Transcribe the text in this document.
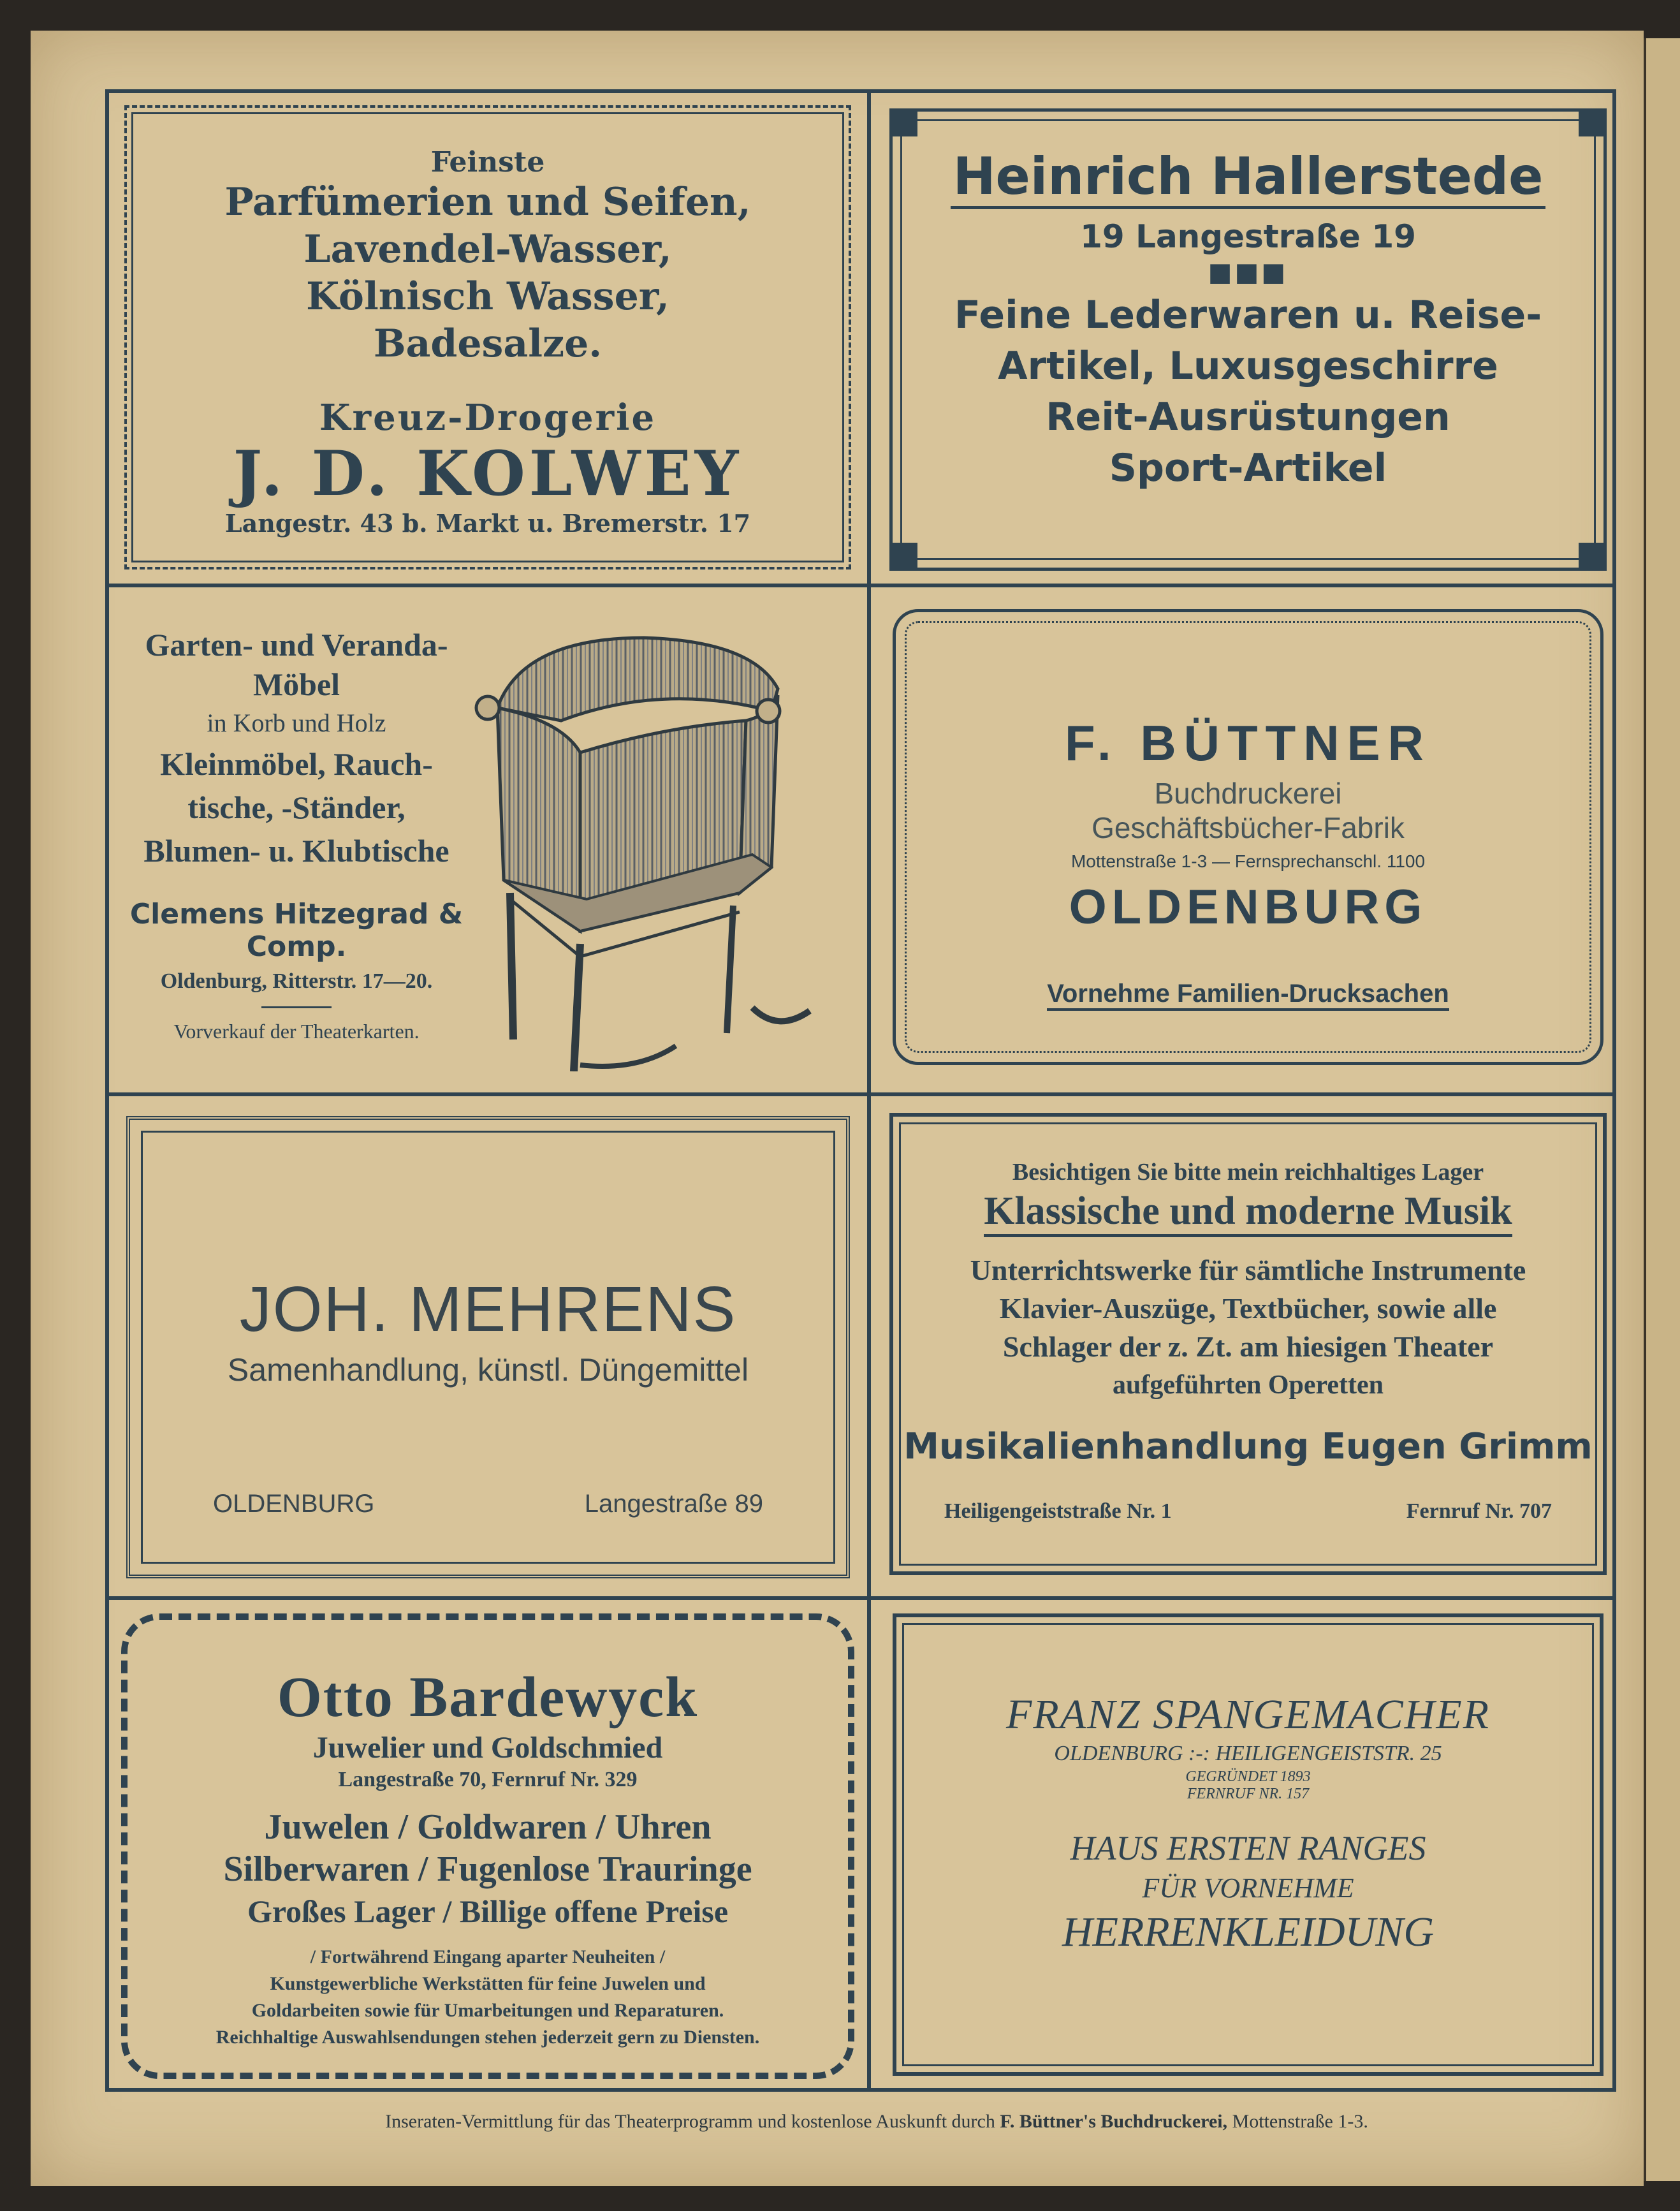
Feinste
Parfümerien und Seifen,
Lavendel-Wasser,
Kölnisch Wasser,
Badesalze.
Kreuz-Drogerie
J. D. KOLWEY
Langestr. 43 b. Markt u. Bremerstr. 17
Heinrich Hallerstede
19 Langestraße 19
■■■
Feine Lederwaren u. Reise-
Artikel, Luxusgeschirre
Reit-Ausrüstungen
Sport-Artikel
Garten- und Veranda-
Möbel
in Korb und Holz
Kleinmöbel, Rauch-
tische, -Ständer,
Blumen- u. Klubtische
Clemens Hitzegrad & Comp.
Oldenburg, Ritterstr. 17—20.
Vorverkauf der Theaterkarten.
F. BÜTTNER
Buchdruckerei
Geschäftsbücher-Fabrik
Mottenstraße 1-3 — Fernsprechanschl. 1100
OLDENBURG
Vornehme Familien-Drucksachen
JOH. MEHRENS
Samenhandlung, künstl. Düngemittel
OLDENBURG	Langestraße 89
Besichtigen Sie bitte mein reichhaltiges Lager
Klassische und moderne Musik
Unterrichtswerke für sämtliche Instrumente
Klavier-Auszüge, Textbücher, sowie alle
Schlager der z. Zt. am hiesigen Theater
aufgeführten Operetten
Musikalienhandlung Eugen Grimm
Heiligengeiststraße Nr. 1	Fernruf Nr. 707
Otto Bardewyck
Juwelier und Goldschmied
Langestraße 70, Fernruf Nr. 329
Juwelen / Goldwaren / Uhren
Silberwaren / Fugenlose Trauringe
Großes Lager / Billige offene Preise
/ Fortwährend Eingang aparter Neuheiten /
Kunstgewerbliche Werkstätten für feine Juwelen und
Goldarbeiten sowie für Umarbeitungen und Reparaturen.
Reichhaltige Auswahlsendungen stehen jederzeit gern zu Diensten.
FRANZ SPANGEMACHER
OLDENBURG :-: HEILIGENGEISTSTR. 25
GEGRÜNDET 1893
FERNRUF NR. 157
HAUS ERSTEN RANGES
FÜR VORNEHME
HERRENKLEIDUNG
Inseraten-Vermittlung für das Theaterprogramm und kostenlose Auskunft durch F. Büttner's Buchdruckerei, Mottenstraße 1-3.
